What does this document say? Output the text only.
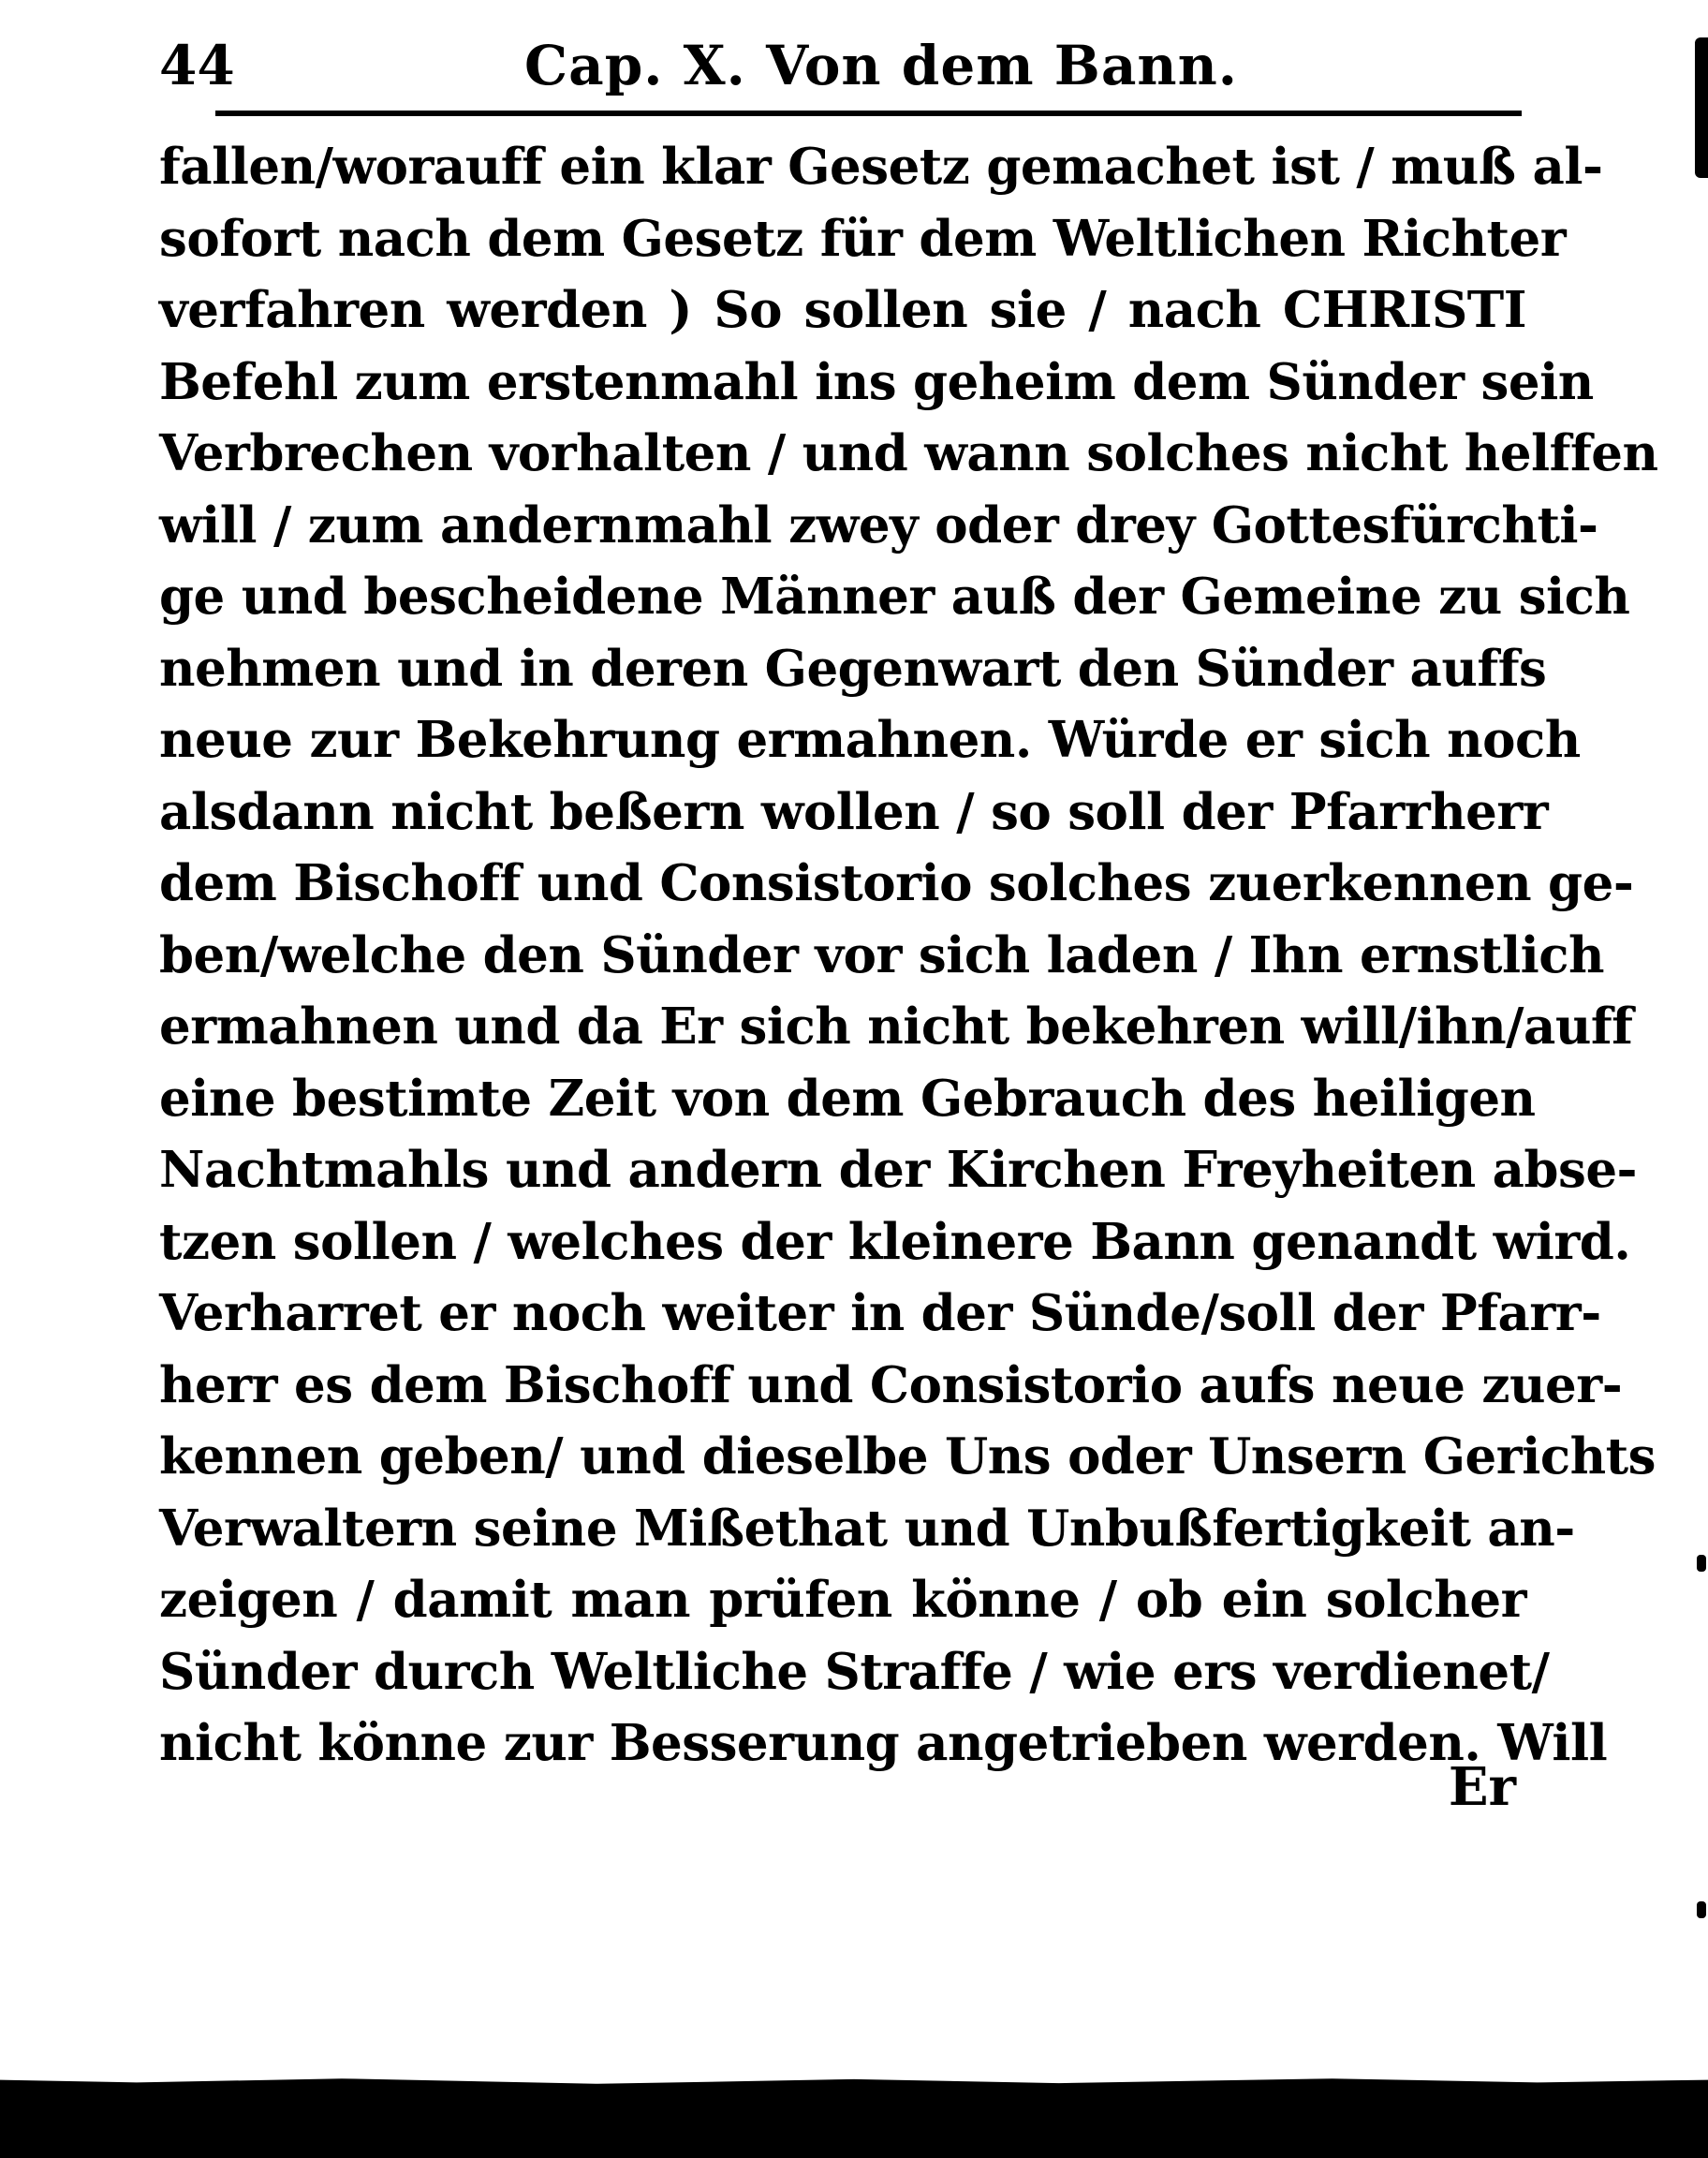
44	Cap. X. Von dem Bann.
fallen/worauff ein klar Gesetz gemachet ist / muß al-
sofort nach dem Gesetz für dem Weltlichen Richter
verfahren werden ) So sollen sie / nach CHRISTI
Befehl zum erstenmahl ins geheim dem Sünder sein
Verbrechen vorhalten / und wann solches nicht helffen
will / zum andernmahl zwey oder drey Gottesfürchti-
ge und bescheidene Männer auß der Gemeine zu sich
nehmen und in deren Gegenwart den Sünder auffs
neue zur Bekehrung ermahnen. Würde er sich noch
alsdann nicht beßern wollen / so soll der Pfarrherr
dem Bischoff und Consistorio solches zuerkennen ge-
ben/welche den Sünder vor sich laden / Ihn ernstlich
ermahnen und da Er sich nicht bekehren will/ihn/auff
eine bestimte Zeit von dem Gebrauch des heiligen
Nachtmahls und andern der Kirchen Freyheiten abse-
tzen sollen / welches der kleinere Bann genandt wird.
Verharret er noch weiter in der Sünde/soll der Pfarr-
herr es dem Bischoff und Consistorio aufs neue zuer-
kennen geben/ und dieselbe Uns oder Unsern Gerichts
Verwaltern seine Mißethat und Unbußfertigkeit an-
zeigen / damit man prüfen könne / ob ein solcher
Sünder durch Weltliche Straffe / wie ers verdienet/
nicht könne zur Besserung angetrieben werden. Will
Er
